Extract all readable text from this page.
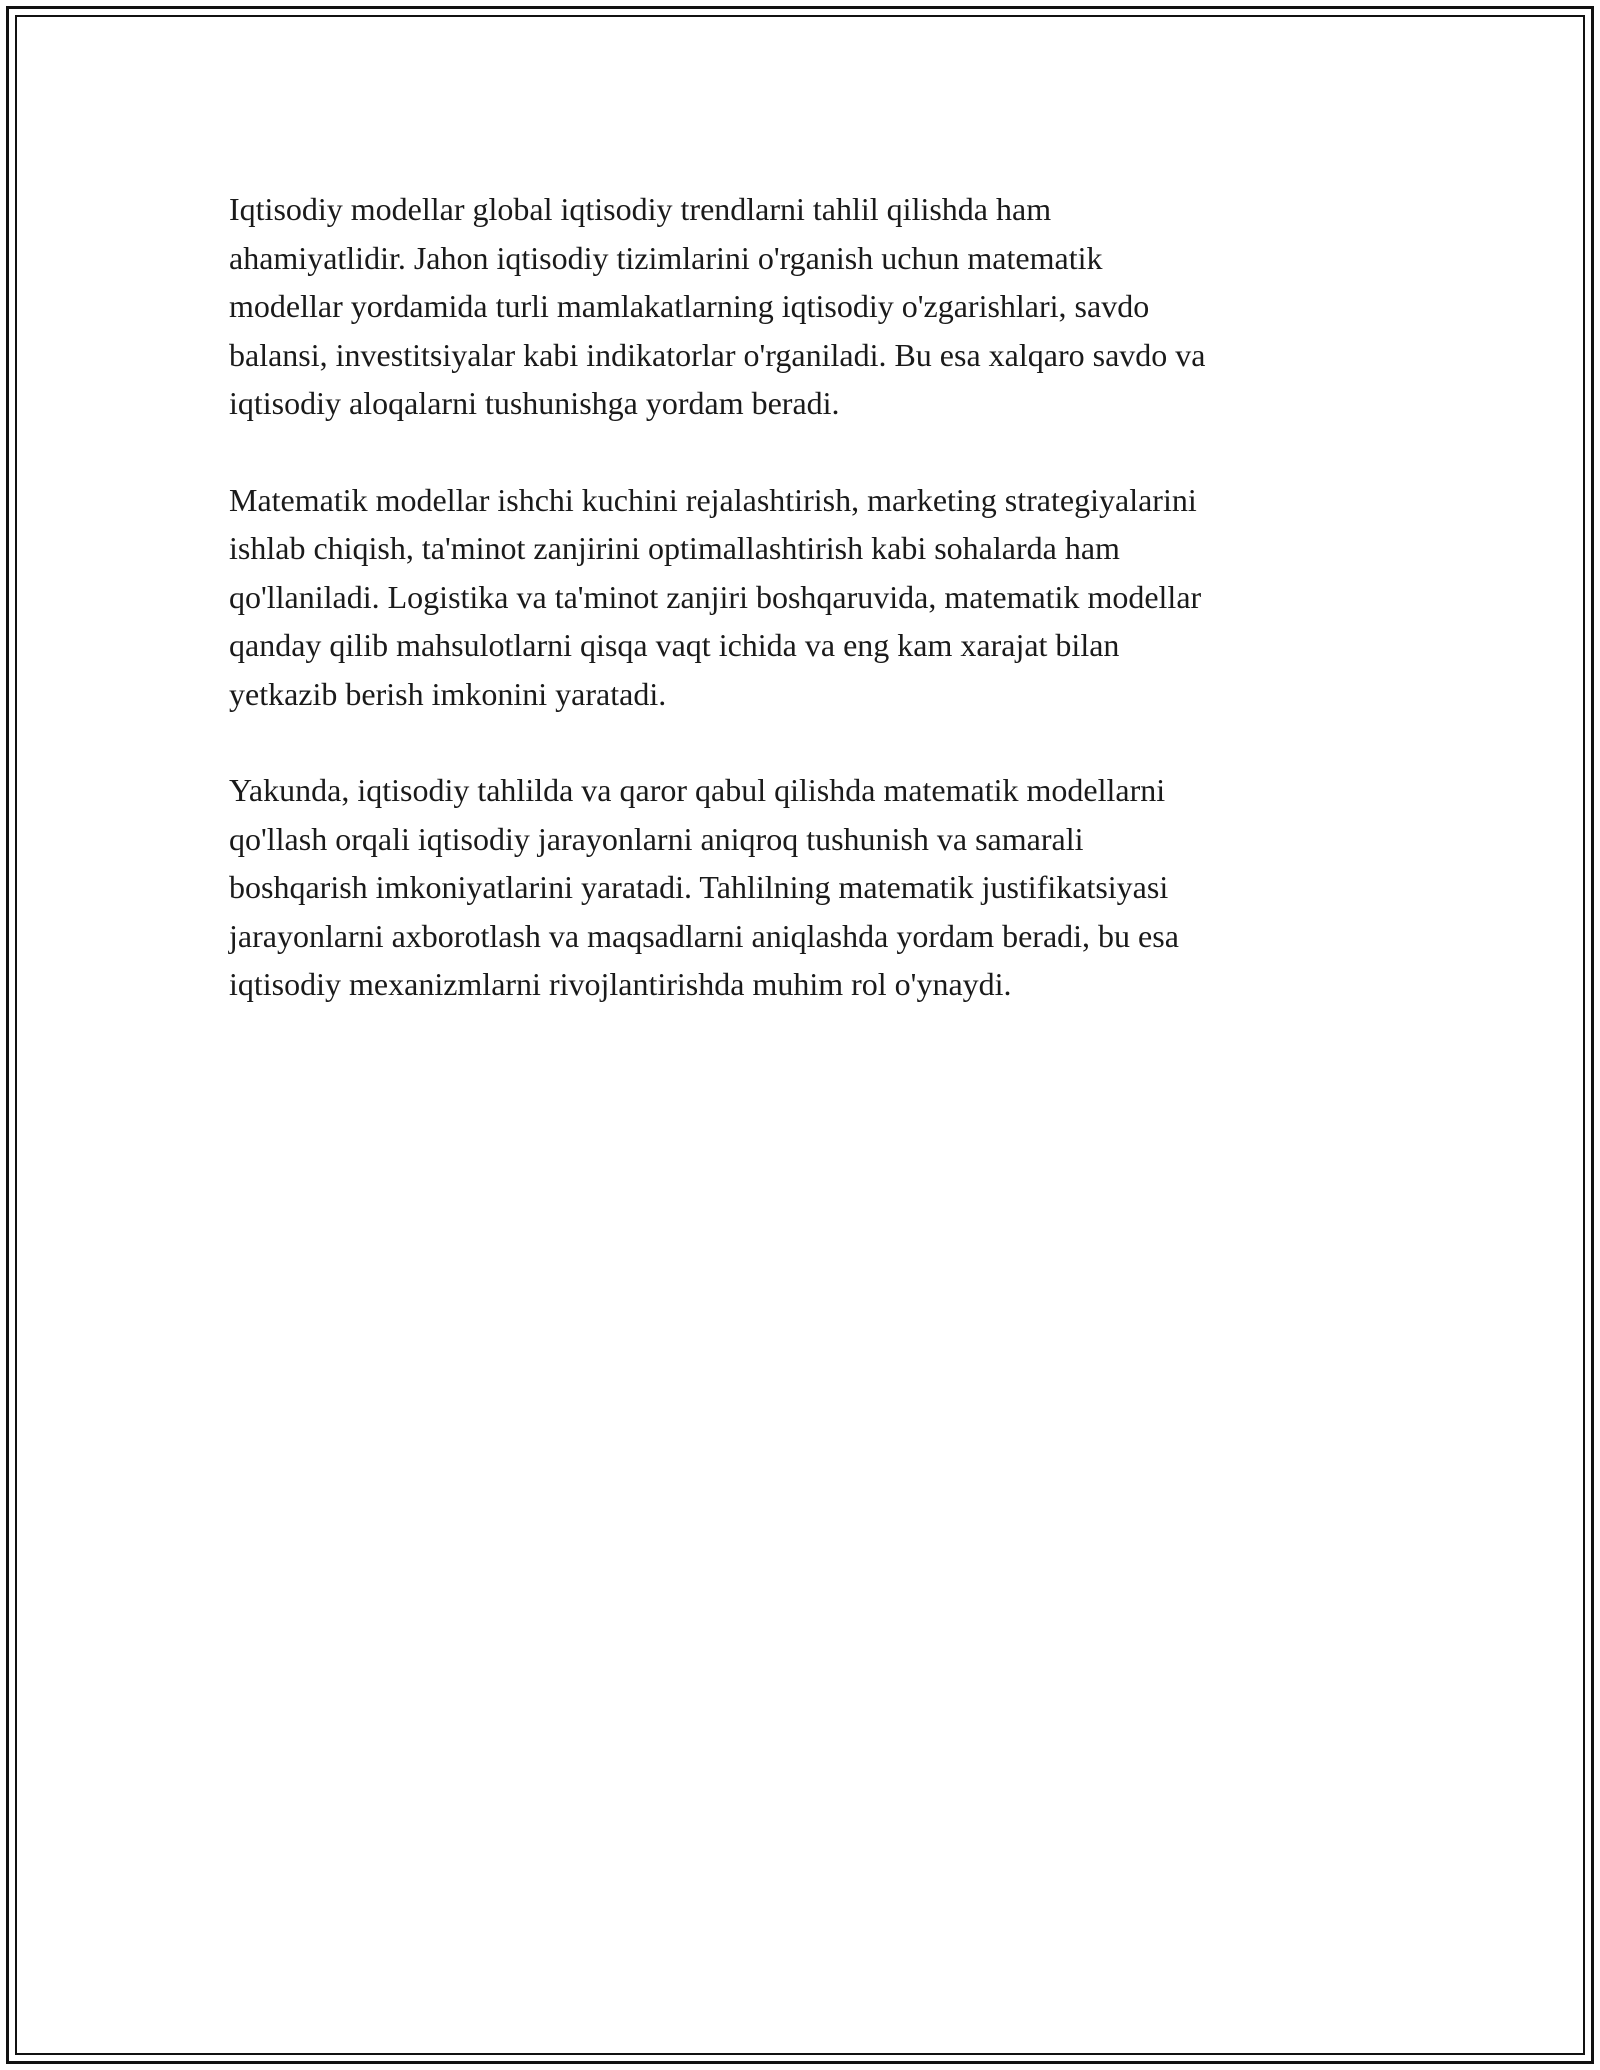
Iqtisodiy modellar global iqtisodiy trendlarni tahlil qilishda ham
ahamiyatlidir. Jahon iqtisodiy tizimlarini o'rganish uchun matematik
modellar yordamida turli mamlakatlarning iqtisodiy o'zgarishlari, savdo
balansi, investitsiyalar kabi indikatorlar o'rganiladi. Bu esa xalqaro savdo va
iqtisodiy aloqalarni tushunishga yordam beradi.

Matematik modellar ishchi kuchini rejalashtirish, marketing strategiyalarini
ishlab chiqish, ta'minot zanjirini optimallashtirish kabi sohalarda ham
qo'llaniladi. Logistika va ta'minot zanjiri boshqaruvida, matematik modellar
qanday qilib mahsulotlarni qisqa vaqt ichida va eng kam xarajat bilan
yetkazib berish imkonini yaratadi.

Yakunda, iqtisodiy tahlilda va qaror qabul qilishda matematik modellarni
qo'llash orqali iqtisodiy jarayonlarni aniqroq tushunish va samarali
boshqarish imkoniyatlarini yaratadi. Tahlilning matematik justifikatsiyasi
jarayonlarni axborotlash va maqsadlarni aniqlashda yordam beradi, bu esa
iqtisodiy mexanizmlarni rivojlantirishda muhim rol o'ynaydi.
